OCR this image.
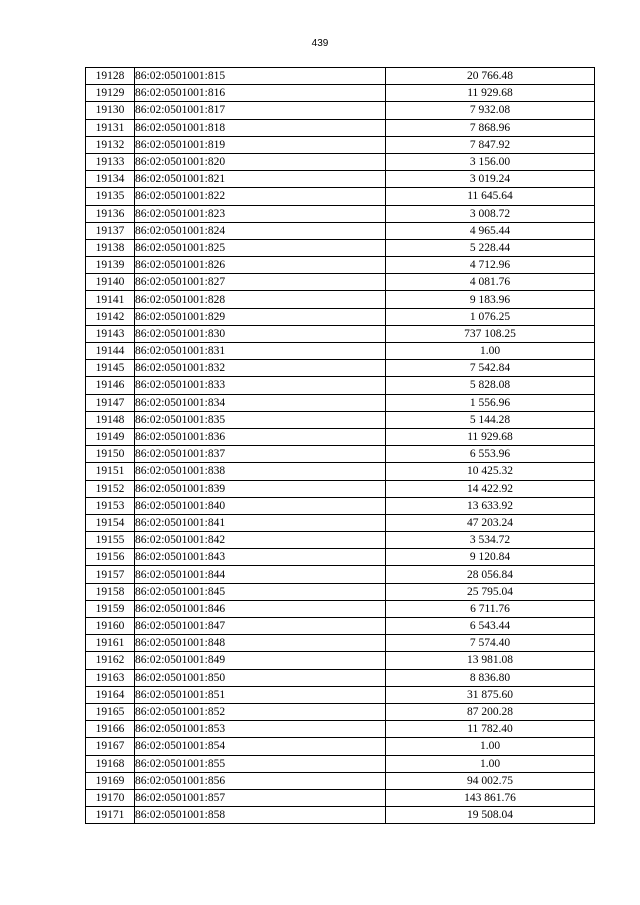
439
19128	86:02:0501001:815	20 766.48
19129	86:02:0501001:816	11 929.68
19130	86:02:0501001:817	7 932.08
19131	86:02:0501001:818	7 868.96
19132	86:02:0501001:819	7 847.92
19133	86:02:0501001:820	3 156.00
19134	86:02:0501001:821	3 019.24
19135	86:02:0501001:822	11 645.64
19136	86:02:0501001:823	3 008.72
19137	86:02:0501001:824	4 965.44
19138	86:02:0501001:825	5 228.44
19139	86:02:0501001:826	4 712.96
19140	86:02:0501001:827	4 081.76
19141	86:02:0501001:828	9 183.96
19142	86:02:0501001:829	1 076.25
19143	86:02:0501001:830	737 108.25
19144	86:02:0501001:831	1.00
19145	86:02:0501001:832	7 542.84
19146	86:02:0501001:833	5 828.08
19147	86:02:0501001:834	1 556.96
19148	86:02:0501001:835	5 144.28
19149	86:02:0501001:836	11 929.68
19150	86:02:0501001:837	6 553.96
19151	86:02:0501001:838	10 425.32
19152	86:02:0501001:839	14 422.92
19153	86:02:0501001:840	13 633.92
19154	86:02:0501001:841	47 203.24
19155	86:02:0501001:842	3 534.72
19156	86:02:0501001:843	9 120.84
19157	86:02:0501001:844	28 056.84
19158	86:02:0501001:845	25 795.04
19159	86:02:0501001:846	6 711.76
19160	86:02:0501001:847	6 543.44
19161	86:02:0501001:848	7 574.40
19162	86:02:0501001:849	13 981.08
19163	86:02:0501001:850	8 836.80
19164	86:02:0501001:851	31 875.60
19165	86:02:0501001:852	87 200.28
19166	86:02:0501001:853	11 782.40
19167	86:02:0501001:854	1.00
19168	86:02:0501001:855	1.00
19169	86:02:0501001:856	94 002.75
19170	86:02:0501001:857	143 861.76
19171	86:02:0501001:858	19 508.04
